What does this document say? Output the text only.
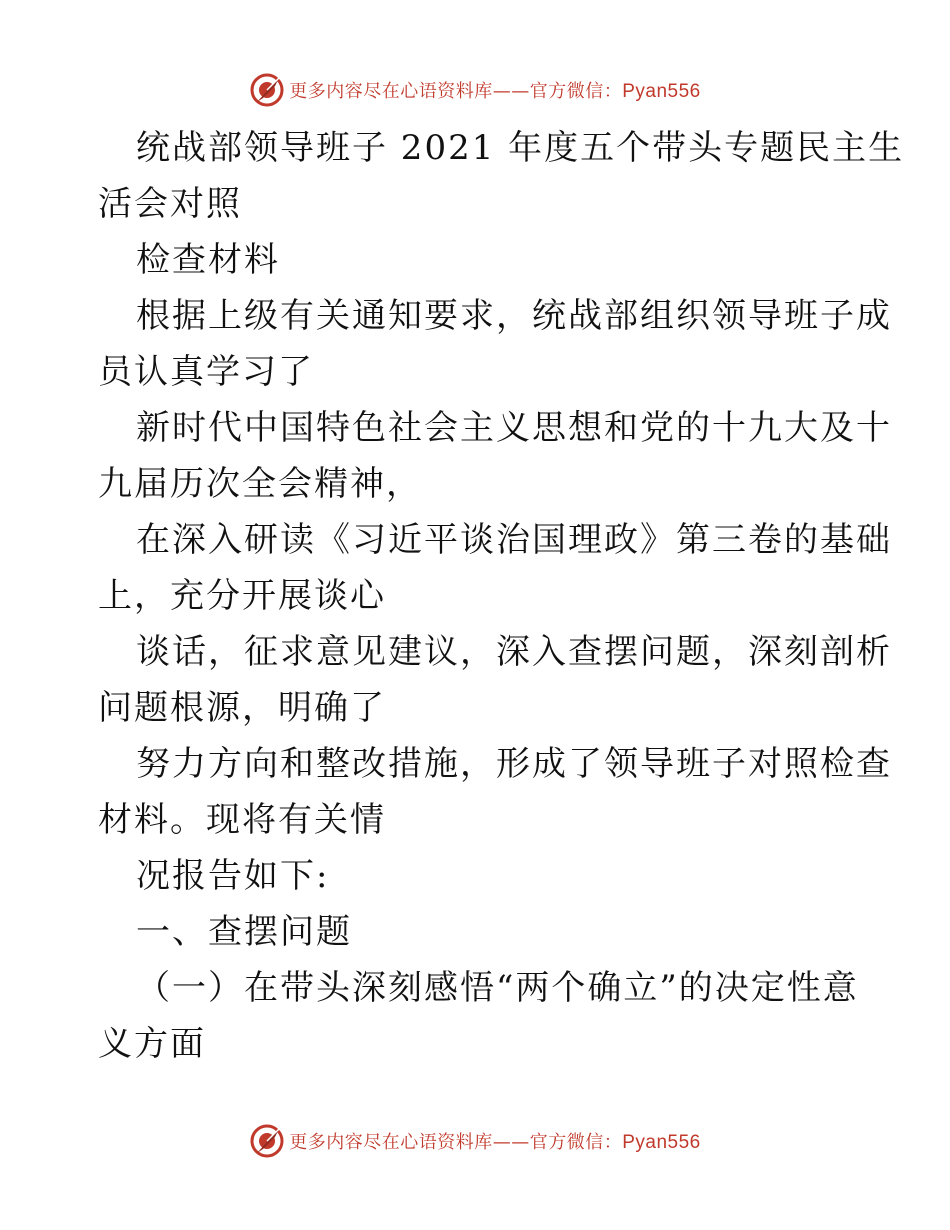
更多内容尽在心语资料库——官方微信：Pyan556
统战部领导班子 2021 年度五个带头专题民主生
活会对照
检查材料
根据上级有关通知要求，统战部组织领导班子成
员认真学习了
新时代中国特色社会主义思想和党的十九大及十
九届历次全会精神，
在深入研读《习近平谈治国理政》第三卷的基础
上，充分开展谈心
谈话，征求意见建议，深入查摆问题，深刻剖析
问题根源，明确了
努力方向和整改措施，形成了领导班子对照检查
材料。现将有关情
况报告如下:
一、查摆问题
（一）在带头深刻感悟“两个确立”的决定性意
义方面
更多内容尽在心语资料库——官方微信：Pyan556
